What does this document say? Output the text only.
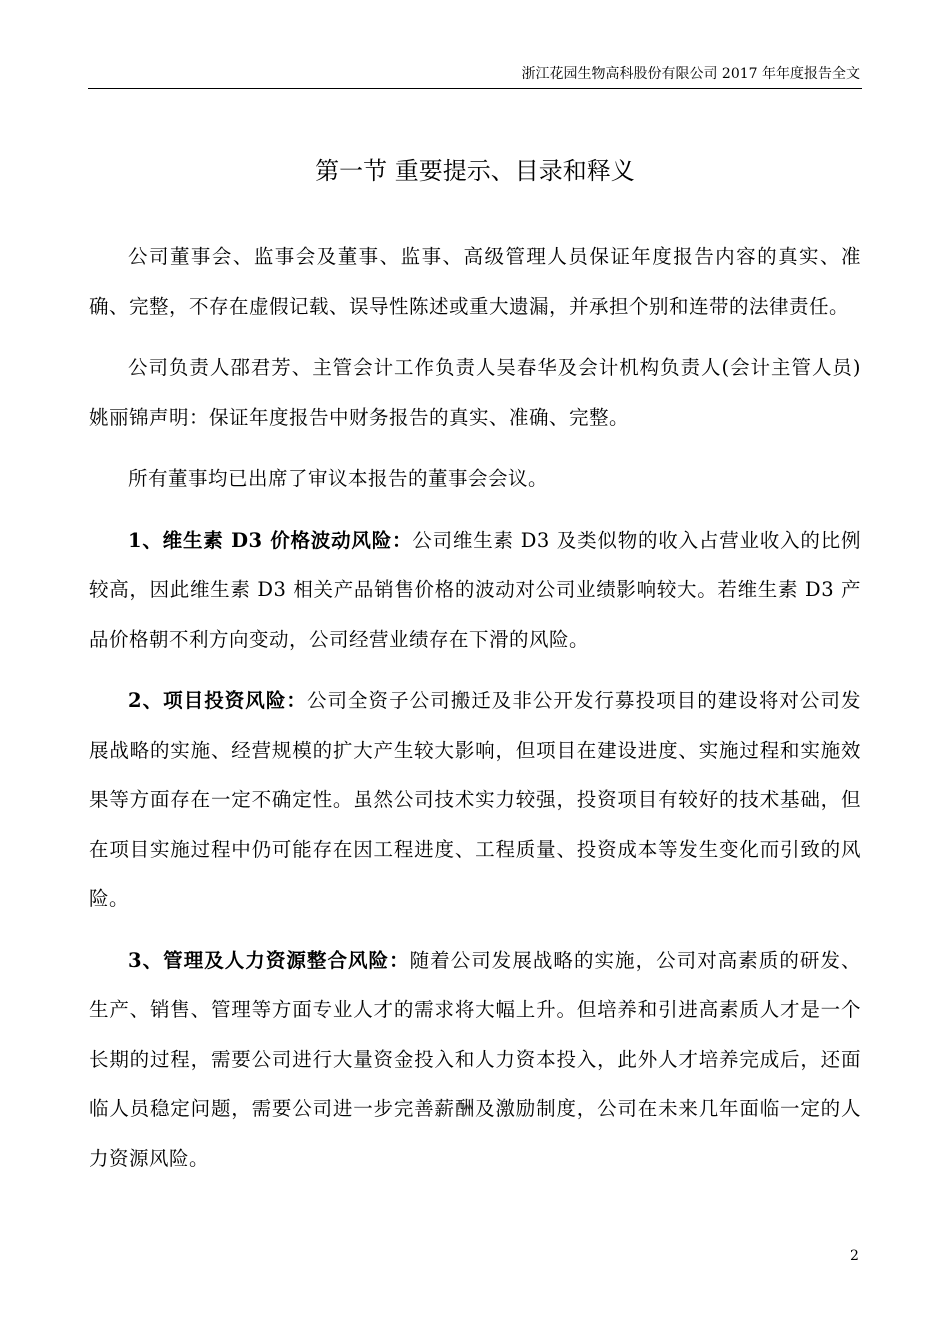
浙江花园生物高科股份有限公司 2017 年年度报告全文
第一节 重要提示、目录和释义

公司董事会、监事会及董事、监事、高级管理人员保证年度报告内容的真实、准确、完整，不存在虚假记载、误导性陈述或重大遗漏，并承担个别和连带的法律责任。

公司负责人邵君芳、主管会计工作负责人吴春华及会计机构负责人(会计主管人员)姚丽锦声明：保证年度报告中财务报告的真实、准确、完整。

所有董事均已出席了审议本报告的董事会会议。

1、维生素 D3 价格波动风险：公司维生素 D3 及类似物的收入占营业收入的比例较高，因此维生素 D3 相关产品销售价格的波动对公司业绩影响较大。若维生素 D3 产品价格朝不利方向变动，公司经营业绩存在下滑的风险。

2、项目投资风险：公司全资子公司搬迁及非公开发行募投项目的建设将对公司发展战略的实施、经营规模的扩大产生较大影响，但项目在建设进度、实施过程和实施效果等方面存在一定不确定性。虽然公司技术实力较强，投资项目有较好的技术基础，但在项目实施过程中仍可能存在因工程进度、工程质量、投资成本等发生变化而引致的风险。

3、管理及人力资源整合风险：随着公司发展战略的实施，公司对高素质的研发、生产、销售、管理等方面专业人才的需求将大幅上升。但培养和引进高素质人才是一个长期的过程，需要公司进行大量资金投入和人力资本投入，此外人才培养完成后，还面临人员稳定问题，需要公司进一步完善薪酬及激励制度，公司在未来几年面临一定的人力资源风险。

2
